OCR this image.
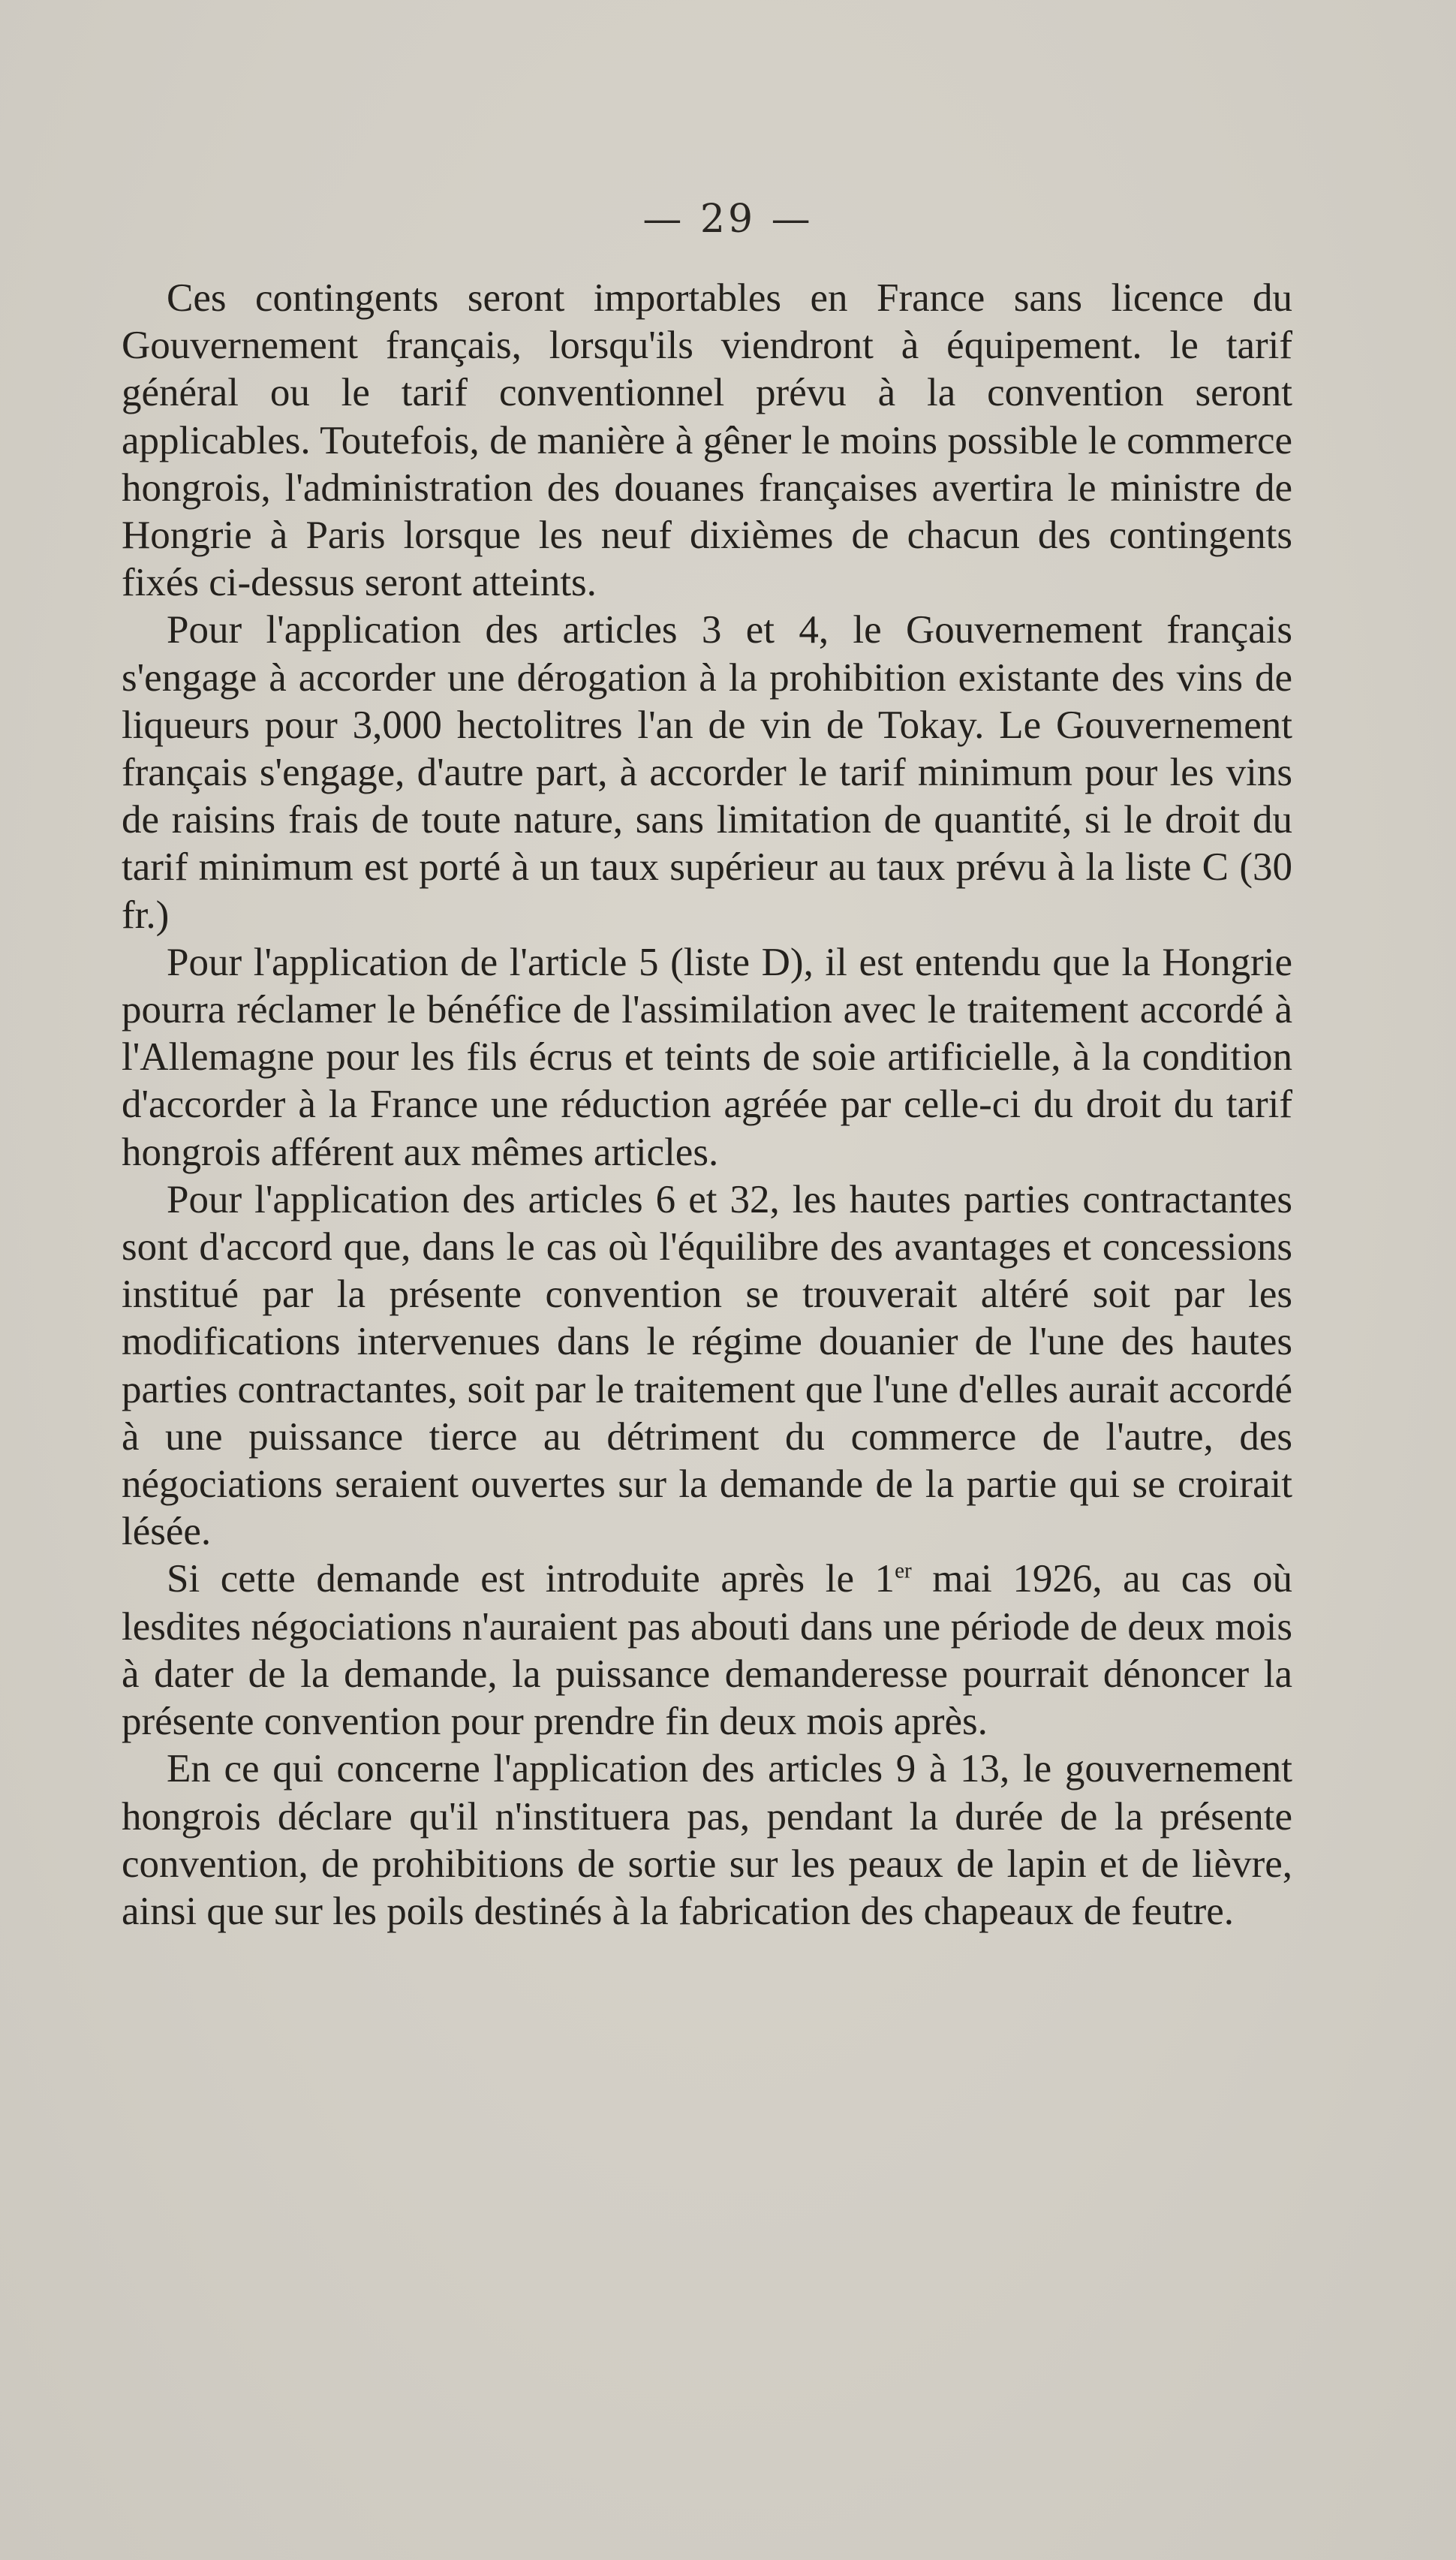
— 29 —

Ces contingents seront importables en France sans licence du Gouvernement français, lorsqu'ils viendront à équipement. le tarif général ou le tarif conventionnel prévu à la convention seront applicables. Toutefois, de manière à gêner le moins possible le commerce hongrois, l'administration des douanes françaises avertira le ministre de Hongrie à Paris lorsque les neuf dixièmes de chacun des contingents fixés ci-dessus seront atteints.

Pour l'application des articles 3 et 4, le Gouvernement français s'engage à accorder une dérogation à la prohibition existante des vins de liqueurs pour 3,000 hectolitres l'an de vin de Tokay. Le Gouvernement français s'engage, d'autre part, à accorder le tarif minimum pour les vins de raisins frais de toute nature, sans limitation de quantité, si le droit du tarif minimum est porté à un taux supérieur au taux prévu à la liste C (30 fr.)

Pour l'application de l'article 5 (liste D), il est entendu que la Hongrie pourra réclamer le bénéfice de l'assimilation avec le traitement accordé à l'Allemagne pour les fils écrus et teints de soie artificielle, à la condition d'accorder à la France une réduction agréée par celle-ci du droit du tarif hongrois afférent aux mêmes articles.

Pour l'application des articles 6 et 32, les hautes parties contractantes sont d'accord que, dans le cas où l'équilibre des avantages et concessions institué par la présente convention se trouverait altéré soit par les modifications intervenues dans le régime douanier de l'une des hautes parties contractantes, soit par le traitement que l'une d'elles aurait accordé à une puissance tierce au détriment du commerce de l'autre, des négociations seraient ouvertes sur la demande de la partie qui se croirait lésée.

Si cette demande est introduite après le 1er mai 1926, au cas où lesdites négociations n'auraient pas abouti dans une période de deux mois à dater de la demande, la puissance demanderesse pourrait dénoncer la présente convention pour prendre fin deux mois après.

En ce qui concerne l'application des articles 9 à 13, le gouvernement hongrois déclare qu'il n'instituera pas, pendant la durée de la présente convention, de prohibitions de sortie sur les peaux de lapin et de lièvre, ainsi que sur les poils destinés à la fabrication des chapeaux de feutre.
